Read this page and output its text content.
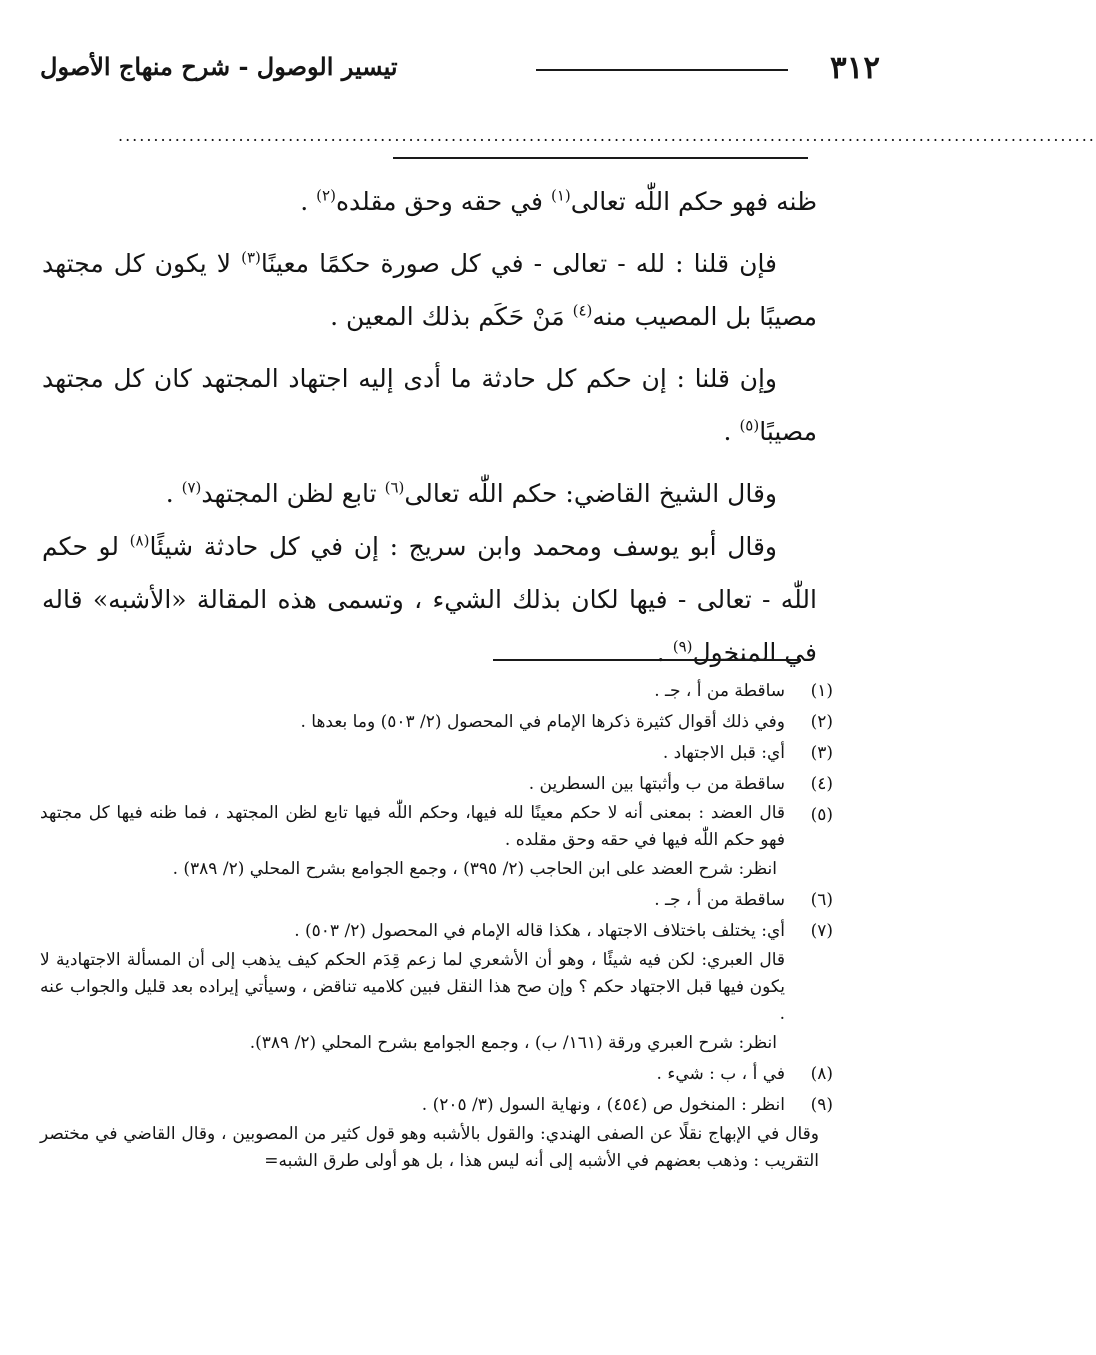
٣١٢
تيسير الوصول - شرح منهاج الأصول
..........................................................................................................................................

ظنه فهو حكم اللّٰه تعالى$^{(١)}$ في حقه وحق مقلده$^{(٢)}$ .

فإن قلنا : لله - تعالى - في كل صورة حكمًا معينًا$^{(٣)}$ لا يكون كل مجتهد مصيبًا بل المصيب منه$^{(٤)}$ مَنْ حَكَم بذلك المعين .

وإن قلنا : إن حكم كل حادثة ما أدى إليه اجتهاد المجتهد كان كل مجتهد مصيبًا$^{(٥)}$ .

وقال الشيخ القاضي: حكم اللّٰه تعالى$^{(٦)}$ تابع لظن المجتهد$^{(٧)}$ .

وقال أبو يوسف ومحمد وابن سريج : إن في كل حادثة شيئًا$^{(٨)}$ لو حكم اللّٰه - تعالى - فيها لكان بذلك الشيء ، وتسمى هذه المقالة «الأشبه» قاله في المنخول$^{(٩)}$ .

(١)
ساقطة من أ ، جـ .
(٢)
وفي ذلك أقوال كثيرة ذكرها الإمام في المحصول (٢/ ٥٠٣) وما بعدها .
(٣)
أي: قبل الاجتهاد .
(٤)
ساقطة من ب وأثبتها بين السطرين .
(٥)
قال العضد : بمعنى أنه لا حكم معينًا لله فيها، وحكم اللّٰه فيها تابع لظن المجتهد ، فما ظنه فيها كل مجتهد فهو حكم اللّٰه فيها في حقه وحق مقلده .
انظر: شرح العضد على ابن الحاجب (٢/ ٣٩٥) ، وجمع الجوامع بشرح المحلي (٢/ ٣٨٩) .
(٦)
ساقطة من أ ، جـ .
(٧)
أي: يختلف باختلاف الاجتهاد ، هكذا قاله الإمام في المحصول (٢/ ٥٠٣) .
قال العبري: لكن فيه شيئًا ، وهو أن الأشعري لما زعم قِدَم الحكم كيف يذهب إلى أن المسألة الاجتهادية لا يكون فيها قبل الاجتهاد حكم ؟ وإن صح هذا النقل فبين كلاميه تناقض ، وسيأتي إيراده بعد قليل والجواب عنه .
انظر: شرح العبري ورقة (١٦١/ ب) ، وجمع الجوامع بشرح المحلي (٢/ ٣٨٩).
(٨)
في أ ، ب : شيء .
(٩)
انظر : المنخول ص (٤٥٤) ، ونهاية السول (٣/ ٢٠٥) .
وقال في الإبهاج نقلًا عن الصفى الهندي: والقول بالأشبه وهو قول كثير من المصوبين ، وقال القاضي في مختصر التقريب : وذهب بعضهم في الأشبه إلى أنه ليس هذا ، بل هو أولى طرق الشبه=
